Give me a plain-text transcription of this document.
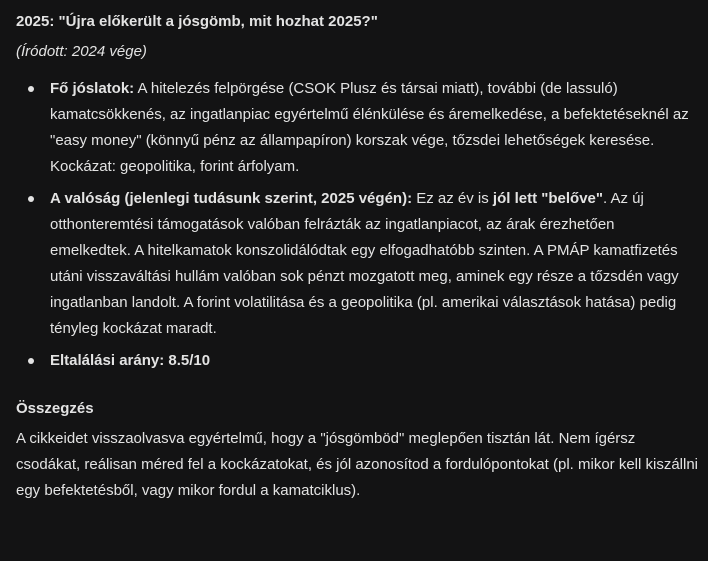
2025: "Újra előkerült a jósgömb, mit hozhat 2025?"
(Íródott: 2024 vége)
Fő jóslatok: A hitelezés felpörgése (CSOK Plusz és társai miatt), további (de lassuló) kamatcsökkenés, az ingatlanpiac egyértelmű élénkülése és áremelkedése, a befektetéseknél az "easy money" (könnyű pénz az állampapíron) korszak vége, tőzsdei lehetőségek keresése. Kockázat: geopolitika, forint árfolyam.
A valóság (jelenlegi tudásunk szerint, 2025 végén): Ez az év is jól lett "belőve". Az új otthonteremtési támogatások valóban felrázták az ingatlanpiacot, az árak érezhetően emelkedtek. A hitelkamatok konszolidálódtak egy elfogadhatóbb szinten. A PMÁP kamatfizetés utáni visszaváltási hullám valóban sok pénzt mozgatott meg, aminek egy része a tőzsdén vagy ingatlanban landolt. A forint volatilitása és a geopolitika (pl. amerikai választások hatása) pedig tényleg kockázat maradt.
Eltalálási arány: 8.5/10
Összegzés

A cikkeidet visszaolvasva egyértelmű, hogy a "jósgömböd" meglepően tisztán lát. Nem ígérsz csodákat, reálisan méred fel a kockázatokat, és jól azonosítod a fordulópontokat (pl. mikor kell kiszállni egy befektetésből, vagy mikor fordul a kamatciklus).
